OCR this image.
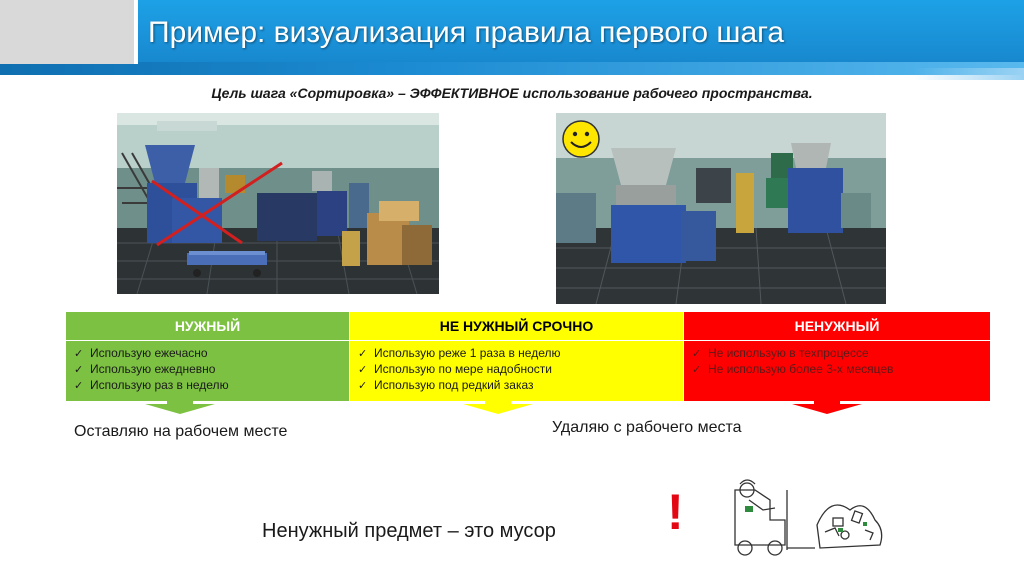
Пример: визуализация правила первого шага
Цель шага «Сортировка» – ЭФФЕКТИВНОЕ использование рабочего пространства.
НУЖНЫЙ
✓ Использую ежечасно
✓ Использую ежедневно
✓ Использую раз в неделю
НЕ НУЖНЫЙ СРОЧНО
✓ Использую реже 1 раза в неделю
✓ Использую по мере надобности
✓ Использую под редкий заказ
НЕНУЖНЫЙ
✓ Не использую в техпроцессе
✓ Не использую более 3-х месяцев
Оставляю на рабочем месте	Удаляю с рабочего места
Ненужный предмет – это мусор !
